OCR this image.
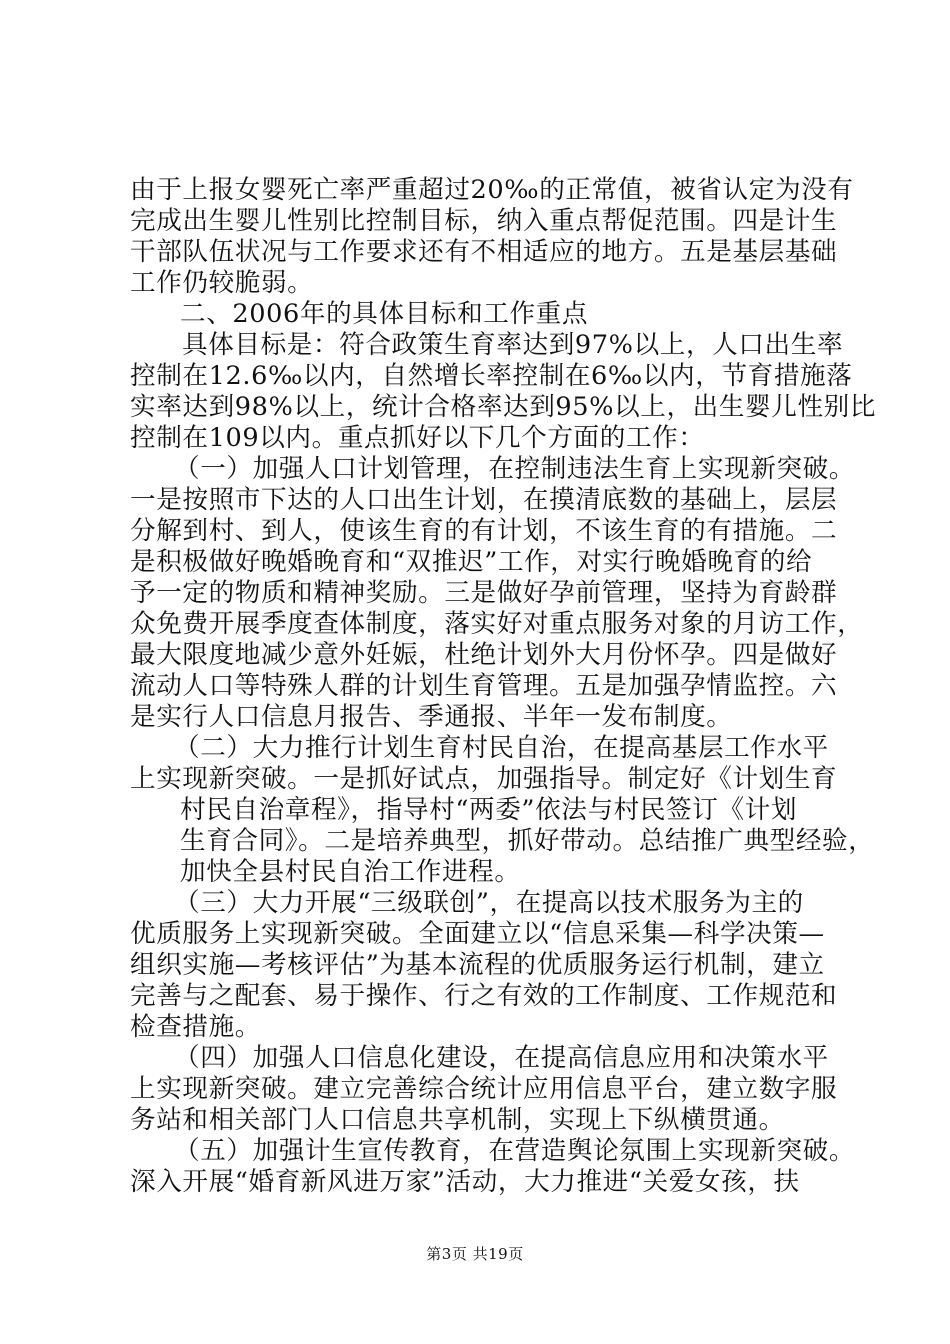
由于上报女婴死亡率严重超过20‰的正常值，被省认定为没有
完成出生婴儿性别比控制目标，纳入重点帮促范围。四是计生
干部队伍状况与工作要求还有不相适应的地方。五是基层基础
工作仍较脆弱。
二、2006年的具体目标和工作重点
具体目标是：符合政策生育率达到97%以上，人口出生率
控制在12.6‰以内，自然增长率控制在6‰以内，节育措施落
实率达到98%以上，统计合格率达到95%以上，出生婴儿性别比
控制在109以内。重点抓好以下几个方面的工作：
（一）加强人口计划管理，在控制违法生育上实现新突破。
一是按照市下达的人口出生计划，在摸清底数的基础上，层层
分解到村、到人，使该生育的有计划，不该生育的有措施。二
是积极做好晚婚晚育和“双推迟”工作，对实行晚婚晚育的给
予一定的物质和精神奖励。三是做好孕前管理，坚持为育龄群
众免费开展季度查体制度，落实好对重点服务对象的月访工作，
最大限度地减少意外妊娠，杜绝计划外大月份怀孕。四是做好
流动人口等特殊人群的计划生育管理。五是加强孕情监控。六
是实行人口信息月报告、季通报、半年一发布制度。
（二）大力推行计划生育村民自治，在提高基层工作水平
上实现新突破。一是抓好试点，加强指导。制定好《计划生育
村民自治章程》，指导村“两委”依法与村民签订《计划
生育合同》。二是培养典型，抓好带动。总结推广典型经验，
加快全县村民自治工作进程。
（三）大力开展“三级联创”，在提高以技术服务为主的
优质服务上实现新突破。全面建立以“信息采集—科学决策—
组织实施—考核评估”为基本流程的优质服务运行机制，建立
完善与之配套、易于操作、行之有效的工作制度、工作规范和
检查措施。
（四）加强人口信息化建设，在提高信息应用和决策水平
上实现新突破。建立完善综合统计应用信息平台，建立数字服
务站和相关部门人口信息共享机制，实现上下纵横贯通。
（五）加强计生宣传教育，在营造舆论氛围上实现新突破。
深入开展“婚育新风进万家”活动，大力推进“关爱女孩，扶
第3页 共19页
